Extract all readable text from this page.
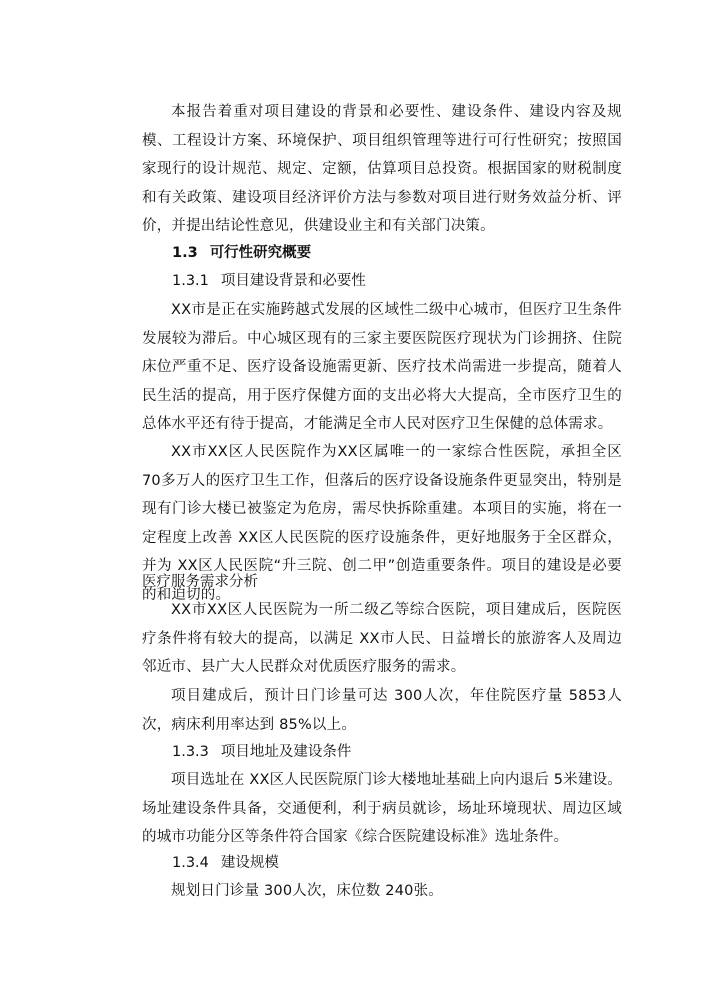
本报告着重对项目建设的背景和必要性、建设条件、建设内容及规模、工程设计方案、环境保护、项目组织管理等进行可行性研究；按照国家现行的设计规范、规定、定额，估算项目总投资。根据国家的财税制度和有关政策、建设项目经济评价方法与参数对项目进行财务效益分析、评价，并提出结论性意见，供建设业主和有关部门决策。

1.3 可行性研究概要
1.3.1 项目建设背景和必要性

XX市是正在实施跨越式发展的区域性二级中心城市，但医疗卫生条件发展较为滞后。中心城区现有的三家主要医院医疗现状为门诊拥挤、住院床位严重不足、医疗设备设施需更新、医疗技术尚需进一步提高，随着人民生活的提高，用于医疗保健方面的支出必将大大提高，全市医疗卫生的总体水平还有待于提高，才能满足全市人民对医疗卫生保健的总体需求。

XX市XX区人民医院作为XX区属唯一的一家综合性医院，承担全区 70多万人的医疗卫生工作，但落后的医疗设备设施条件更显突出，特别是现有门诊大楼已被鉴定为危房，需尽快拆除重建。本项目的实施，将在一定程度上改善 XX区人民医院的医疗设施条件，更好地服务于全区群众，并为 XX区人民医院“升三院、创二甲”创造重要条件。项目的建设是必要的和迫切的。

医疗服务需求分析

XX市XX区人民医院为一所二级乙等综合医院，项目建成后，医院医疗条件将有较大的提高，以满足 XX市人民、日益增长的旅游客人及周边邻近市、县广大人民群众对优质医疗服务的需求。

项目建成后，预计日门诊量可达 300人次，年住院医疗量 5853人次，病床利用率达到 85%以上。

1.3.3 项目地址及建设条件

项目选址在 XX区人民医院原门诊大楼地址基础上向内退后 5米建设。场址建设条件具备，交通便利，利于病员就诊，场址环境现状、周边区域的城市功能分区等条件符合国家《综合医院建设标准》选址条件。

1.3.4 建设规模

规划日门诊量 300人次，床位数 240张。
